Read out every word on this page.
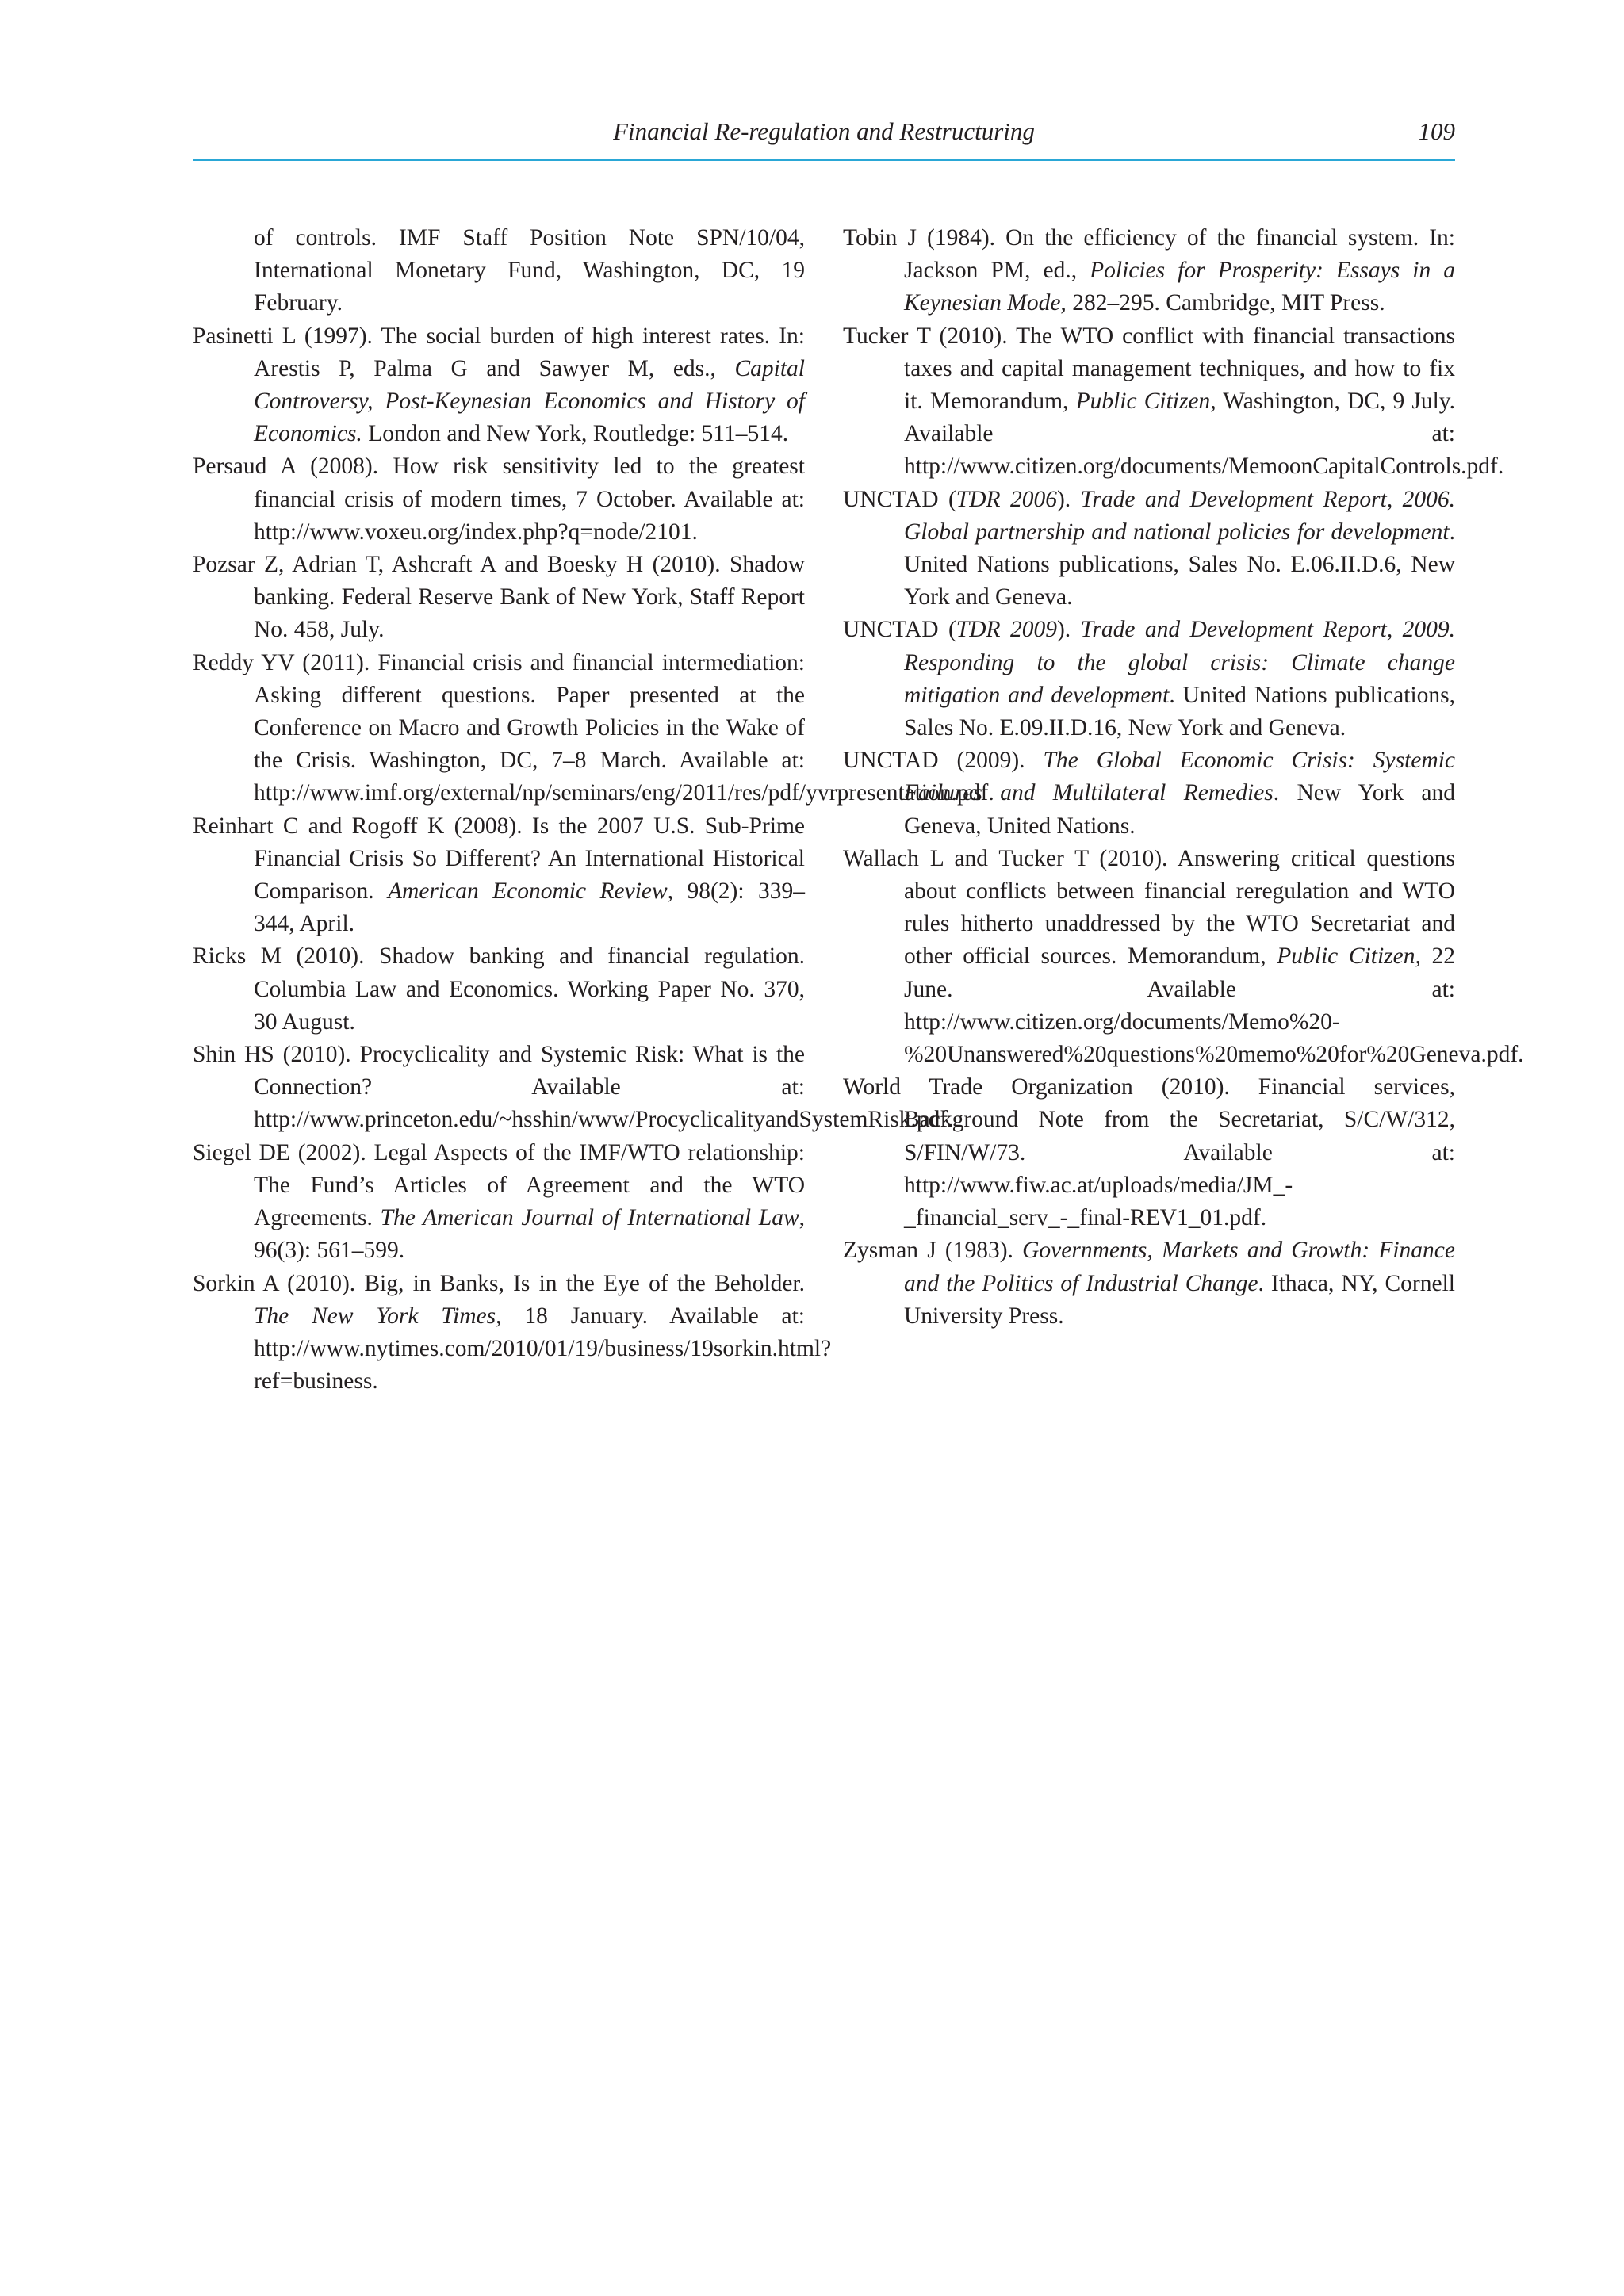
Financial Re-regulation and Restructuring	109
of controls. IMF Staff Position Note SPN/10/04, International Monetary Fund, Washington, DC, 19 February.
Pasinetti L (1997). The social burden of high interest rates. In: Arestis P, Palma G and Sawyer M, eds., Capital Controversy, Post-Keynesian Economics and History of Economics. London and New York, Routledge: 511–514.
Persaud A (2008). How risk sensitivity led to the greatest financial crisis of modern times, 7 October. Available at: http://www.voxeu.org/index.php?q=node/2101.
Pozsar Z, Adrian T, Ashcraft A and Boesky H (2010). Shadow banking. Federal Reserve Bank of New York, Staff Report No. 458, July.
Reddy YV (2011). Financial crisis and financial intermediation: Asking different questions. Paper presented at the Conference on Macro and Growth Policies in the Wake of the Crisis. Washington, DC, 7–8 March. Available at: http://www.imf.org/external/np/seminars/eng/2011/res/pdf/yvrpresentation.pdf.
Reinhart C and Rogoff K (2008). Is the 2007 U.S. Sub-Prime Financial Crisis So Different? An International Historical Comparison. American Economic Review, 98(2): 339–344, April.
Ricks M (2010). Shadow banking and financial regulation. Columbia Law and Economics. Working Paper No. 370, 30 August.
Shin HS (2010). Procyclicality and Systemic Risk: What is the Connection? Available at: http://www.princeton.edu/~hsshin/www/ProcyclicalityandSystemRisk.pdf.
Siegel DE (2002). Legal Aspects of the IMF/WTO relationship: The Fund’s Articles of Agreement and the WTO Agreements. The American Journal of International Law, 96(3): 561–599.
Sorkin A (2010). Big, in Banks, Is in the Eye of the Beholder. The New York Times, 18 January. Available at: http://www.nytimes.com/2010/01/19/business/19sorkin.html?ref=business.
Tobin J (1984). On the efficiency of the financial system. In: Jackson PM, ed., Policies for Prosperity: Essays in a Keynesian Mode, 282–295. Cambridge, MIT Press.
Tucker T (2010). The WTO conflict with financial transactions taxes and capital management techniques, and how to fix it. Memorandum, Public Citizen, Washington, DC, 9 July. Available at: http://www.citizen.org/documents/MemoonCapitalControls.pdf.
UNCTAD (TDR 2006). Trade and Development Report, 2006. Global partnership and national policies for development. United Nations publications, Sales No. E.06.II.D.6, New York and Geneva.
UNCTAD (TDR 2009). Trade and Development Report, 2009. Responding to the global crisis: Climate change mitigation and development. United Nations publications, Sales No. E.09.II.D.16, New York and Geneva.
UNCTAD (2009). The Global Economic Crisis: Systemic Failures and Multilateral Remedies. New York and Geneva, United Nations.
Wallach L and Tucker T (2010). Answering critical questions about conflicts between financial reregulation and WTO rules hitherto unaddressed by the WTO Secretariat and other official sources. Memorandum, Public Citizen, 22 June. Available at: http://www.citizen.org/documents/Memo%20-%20Unanswered%20questions%20memo%20for%20Geneva.pdf.
World Trade Organization (2010). Financial services, Background Note from the Secretariat, S/C/W/312, S/FIN/W/73. Available at: http://www.fiw.ac.at/uploads/media/JM_-_financial_serv_-_final-REV1_01.pdf.
Zysman J (1983). Governments, Markets and Growth: Finance and the Politics of Industrial Change. Ithaca, NY, Cornell University Press.
